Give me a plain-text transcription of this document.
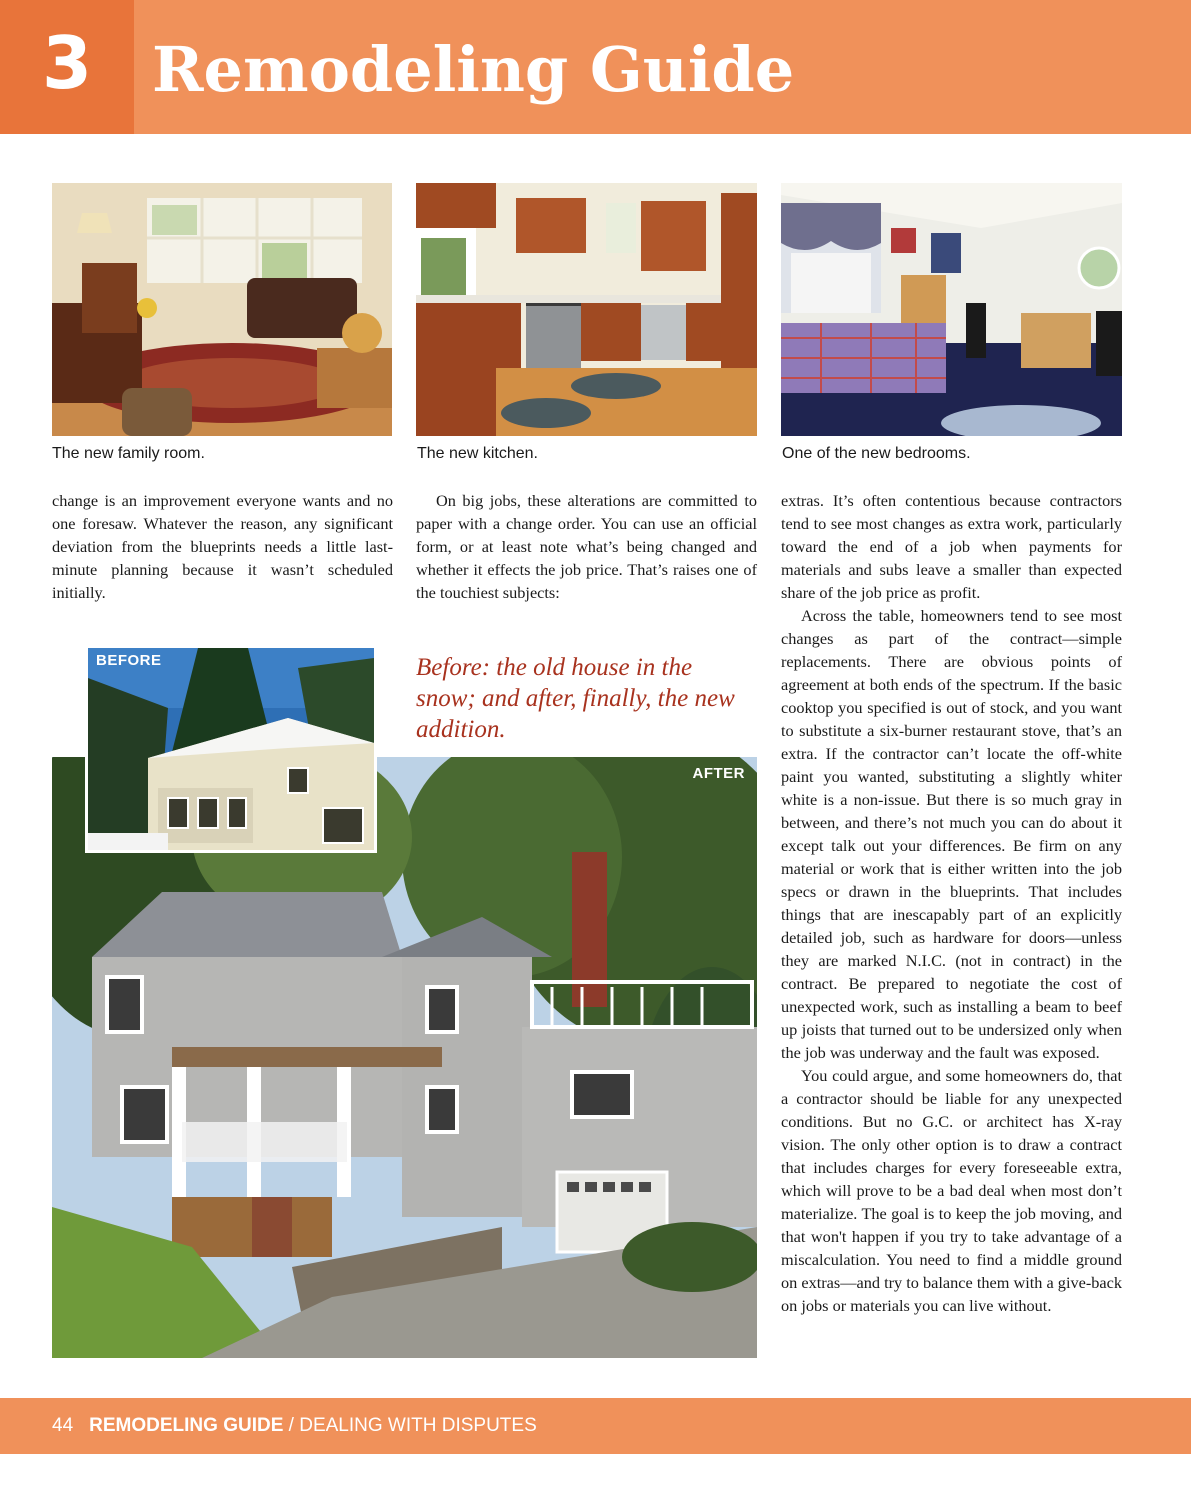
3 Remodeling Guide
The new family room.	The new kitchen.	One of the new bedrooms.

change is an improvement everyone wants and no one foresaw. Whatever the reason, any significant deviation from the blueprints needs a little last-minute planning because it wasn’t scheduled initially.

On big jobs, these alterations are committed to paper with a change order. You can use an official form, or at least note what’s being changed and whether it effects the job price. That’s raises one of the touchiest subjects:

extras. It’s often contentious because contractors tend to see most changes as extra work, particularly toward the end of a job when payments for materials and subs leave a smaller than expected share of the job price as profit.

Across the table, homeowners tend to see most changes as part of the contract—simple replacements. There are obvious points of agreement at both ends of the spectrum. If the basic cooktop you specified is out of stock, and you want to substitute a six-burner restaurant stove, that’s an extra. If the contractor can’t locate the off-white paint you wanted, substituting a slightly whiter white is a non-issue. But there is so much gray in between, and there’s not much you can do about it except talk out your differences. Be firm on any material or work that is either written into the job specs or drawn in the blueprints. That includes things that are inescapably part of an explicitly detailed job, such as hardware for doors—unless they are marked N.I.C. (not in contract) in the contract. Be prepared to negotiate the cost of unexpected work, such as installing a beam to beef up joists that turned out to be undersized only when the job was underway and the fault was exposed.

You could argue, and some homeowners do, that a contractor should be liable for any unexpected conditions. But no G.C. or architect has X-ray vision. The only other option is to draw a contract that includes charges for every foreseeable extra, which will prove to be a bad deal when most don’t materialize. The goal is to keep the job moving, and that won't happen if you try to take advantage of a miscalculation. You need to find a middle ground on extras—and try to balance them with a give-back on jobs or materials you can live without.

AFTER
BEFORE	Before: the old house in the snow; and after, finally, the new addition.
44 REMODELING GUIDE / DEALING WITH DISPUTES
